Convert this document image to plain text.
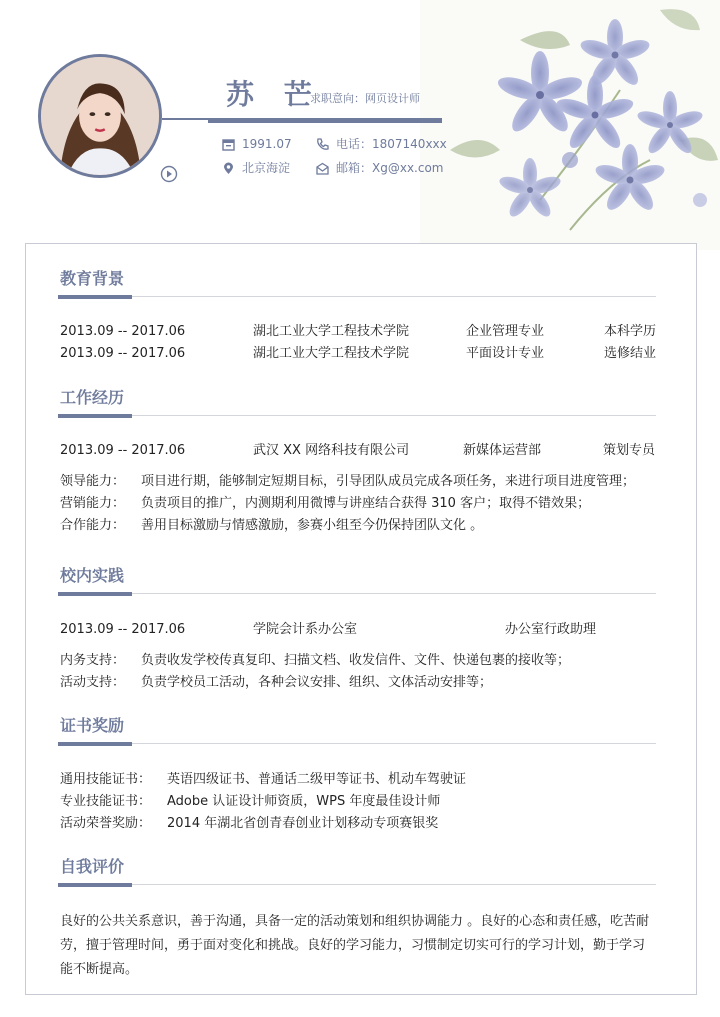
苏 芒
求职意向：网页设计师
1991.07	电话：1807140xxx
北京海淀	邮箱：Xg@xx.com
教育背景
2013.09 -- 2017.06	湖北工业大学工程技术学院	企业管理专业	本科学历
2013.09 -- 2017.06	湖北工业大学工程技术学院	平面设计专业	选修结业
工作经历
2013.09 -- 2017.06	武汉 XX 网络科技有限公司	新媒体运营部	策划专员
领导能力： 项目进行期，能够制定短期目标，引导团队成员完成各项任务，来进行项目进度管理；
营销能力： 负责项目的推广，内测期利用微博与讲座结合获得 310 客户；取得不错效果；
合作能力： 善用目标激励与情感激励，参赛小组至今仍保持团队文化 。
校内实践
2013.09 -- 2017.06	学院会计系办公室	办公室行政助理
内务支持： 负责收发学校传真复印、扫描文档、收发信件、文件、快递包裹的接收等；
活动支持： 负责学校员工活动，各种会议安排、组织、文体活动安排等；
证书奖励
通用技能证书： 英语四级证书、普通话二级甲等证书、机动车驾驶证
专业技能证书： Adobe 认证设计师资质，WPS 年度最佳设计师
活动荣誉奖励： 2014 年湖北省创青春创业计划移动专项赛银奖
自我评价
良好的公共关系意识，善于沟通，具备一定的活动策划和组织协调能力 。良好的心态和责任感，吃苦耐
劳，擅于管理时间，勇于面对变化和挑战。良好的学习能力，习惯制定切实可行的学习计划，勤于学习
能不断提高。
